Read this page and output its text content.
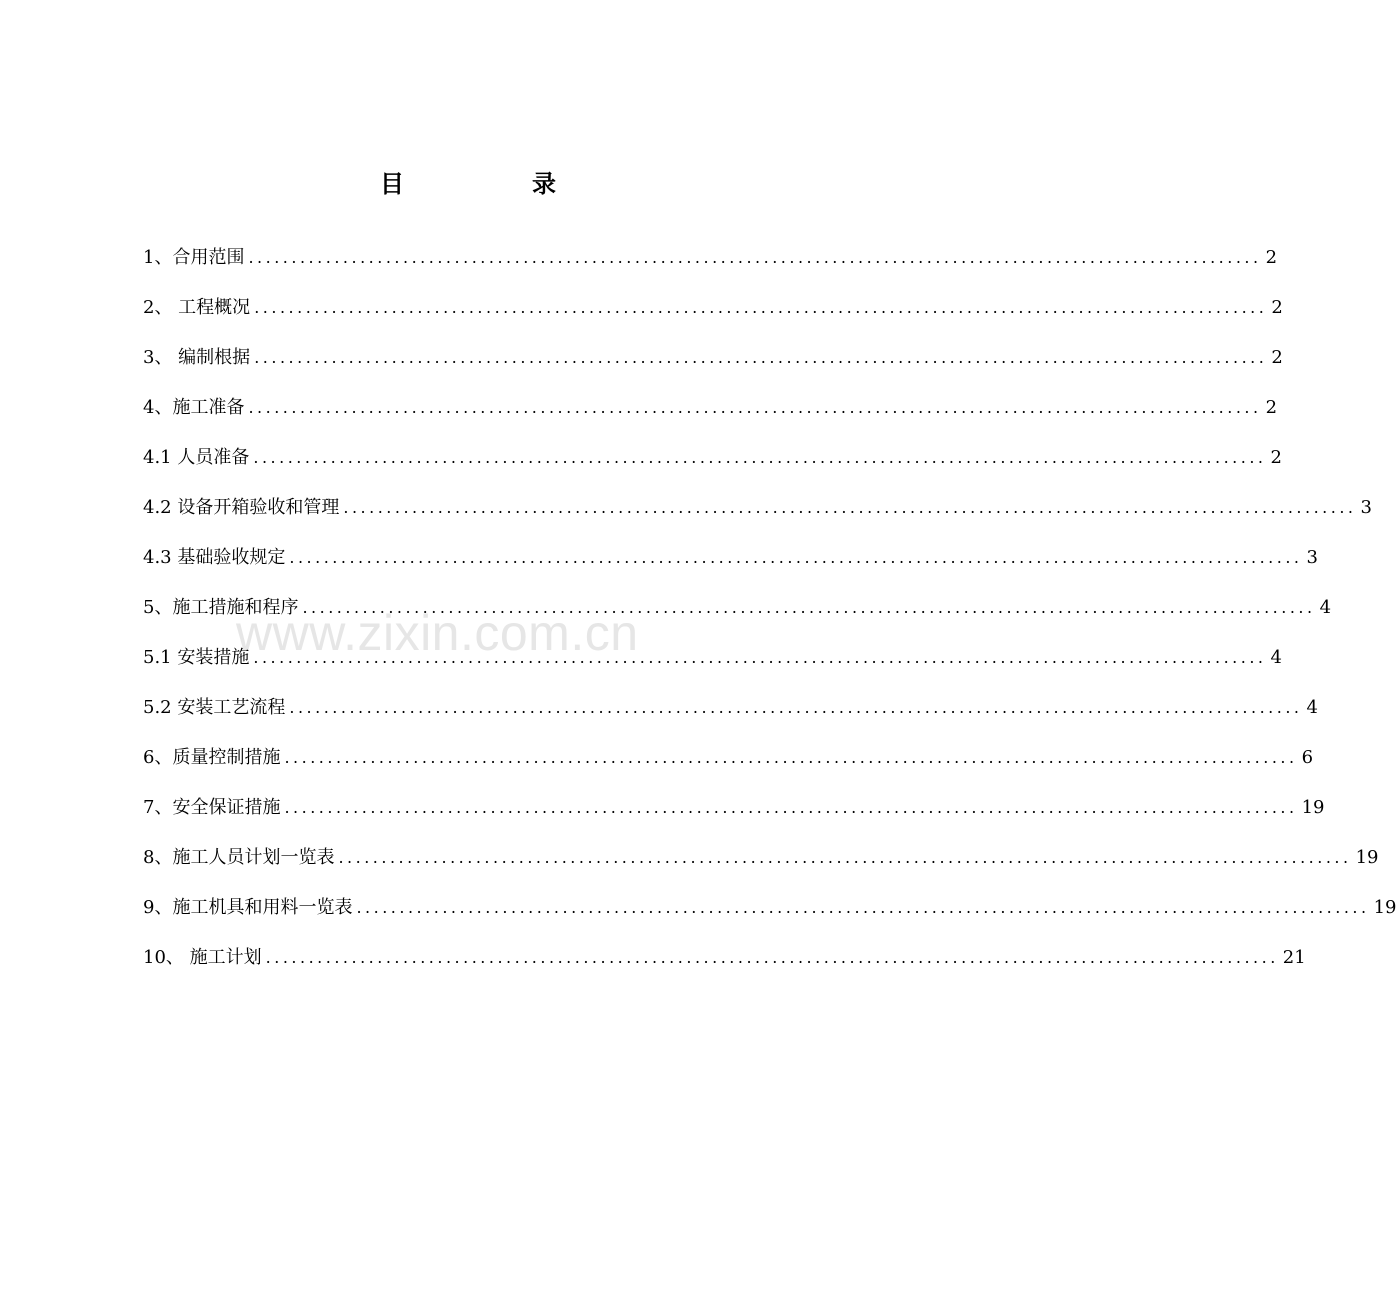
目	录
www.zixin.com.cn
1、合用范围 ...................................................................................................................... 2
2、 工程概况 ...................................................................................................................... 2
3、 编制根据 ...................................................................................................................... 2
4、施工准备 ...................................................................................................................... 2
4.1 人员准备 ...................................................................................................................... 2
4.2 设备开箱验收和管理 ...................................................................................................................... 3
4.3 基础验收规定 ...................................................................................................................... 3
5、施工措施和程序 ...................................................................................................................... 4
5.1 安装措施 ...................................................................................................................... 4
5.2 安装工艺流程 ...................................................................................................................... 4
6、质量控制措施 ...................................................................................................................... 6
7、安全保证措施 ...................................................................................................................... 19
8、施工人员计划一览表 ...................................................................................................................... 19
9、施工机具和用料一览表 ...................................................................................................................... 19
10、 施工计划 ...................................................................................................................... 21
